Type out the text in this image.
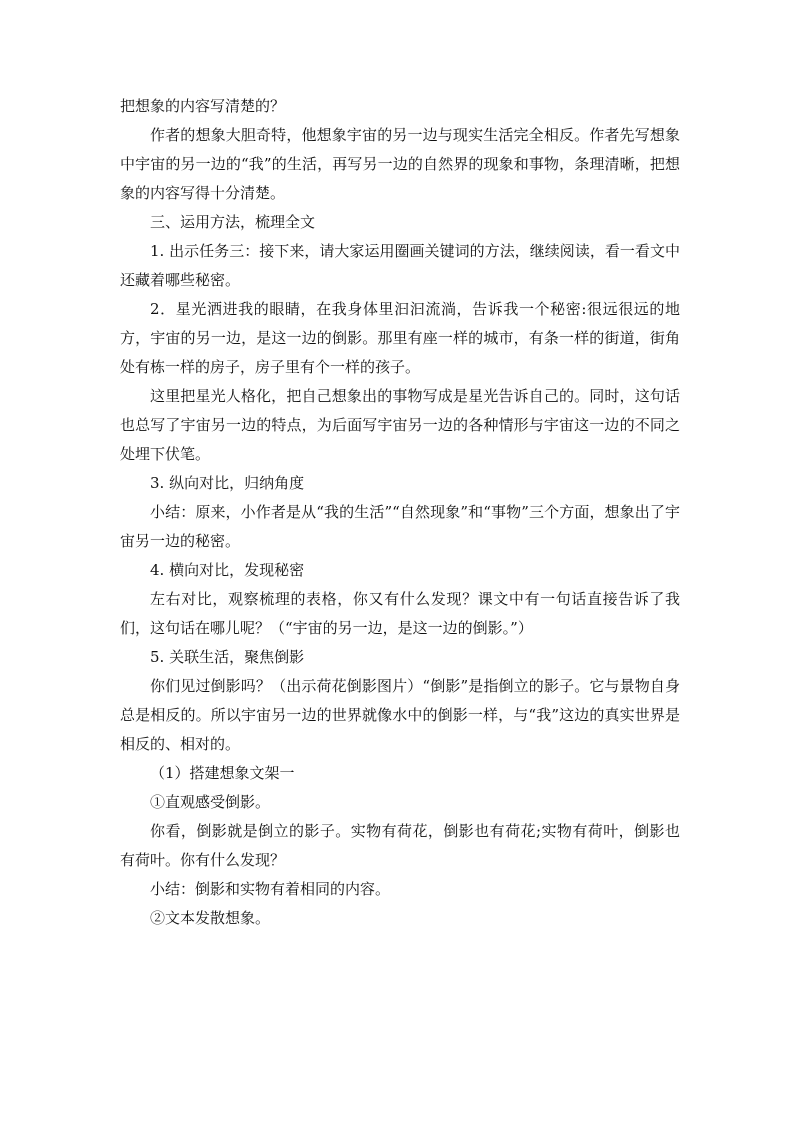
把想象的内容写清楚的？

作者的想象大胆奇特，他想象宇宙的另一边与现实生活完全相反。作者先写想象中宇宙的另一边的“我”的生活，再写另一边的自然界的现象和事物，条理清晰，把想象的内容写得十分清楚。

三、运用方法，梳理全文

1. 出示任务三：接下来，请大家运用圈画关键词的方法，继续阅读，看一看文中还藏着哪些秘密。

2．星光洒进我的眼睛，在我身体里汩汩流淌，告诉我一个秘密:很远很远的地方，宇宙的另一边，是这一边的倒影。那里有座一样的城市，有条一样的街道，街角处有栋一样的房子，房子里有个一样的孩子。

这里把星光人格化，把自己想象出的事物写成是星光告诉自己的。同时，这句话也总写了宇宙另一边的特点，为后面写宇宙另一边的各种情形与宇宙这一边的不同之处埋下伏笔。

3. 纵向对比，归纳角度

小结：原来，小作者是从“我的生活”“自然现象”和“事物”三个方面，想象出了宇宙另一边的秘密。

4. 横向对比，发现秘密

左右对比，观察梳理的表格，你又有什么发现？课文中有一句话直接告诉了我们，这句话在哪儿呢？（“宇宙的另一边，是这一边的倒影。”）

5. 关联生活，聚焦倒影

你们见过倒影吗？（出示荷花倒影图片）“倒影”是指倒立的影子。它与景物自身总是相反的。所以宇宙另一边的世界就像水中的倒影一样，与“我”这边的真实世界是相反的、相对的。

（1）搭建想象文架一

①直观感受倒影。

你看，倒影就是倒立的影子。实物有荷花，倒影也有荷花;实物有荷叶，倒影也有荷叶。你有什么发现？

小结：倒影和实物有着相同的内容。

②文本发散想象。
